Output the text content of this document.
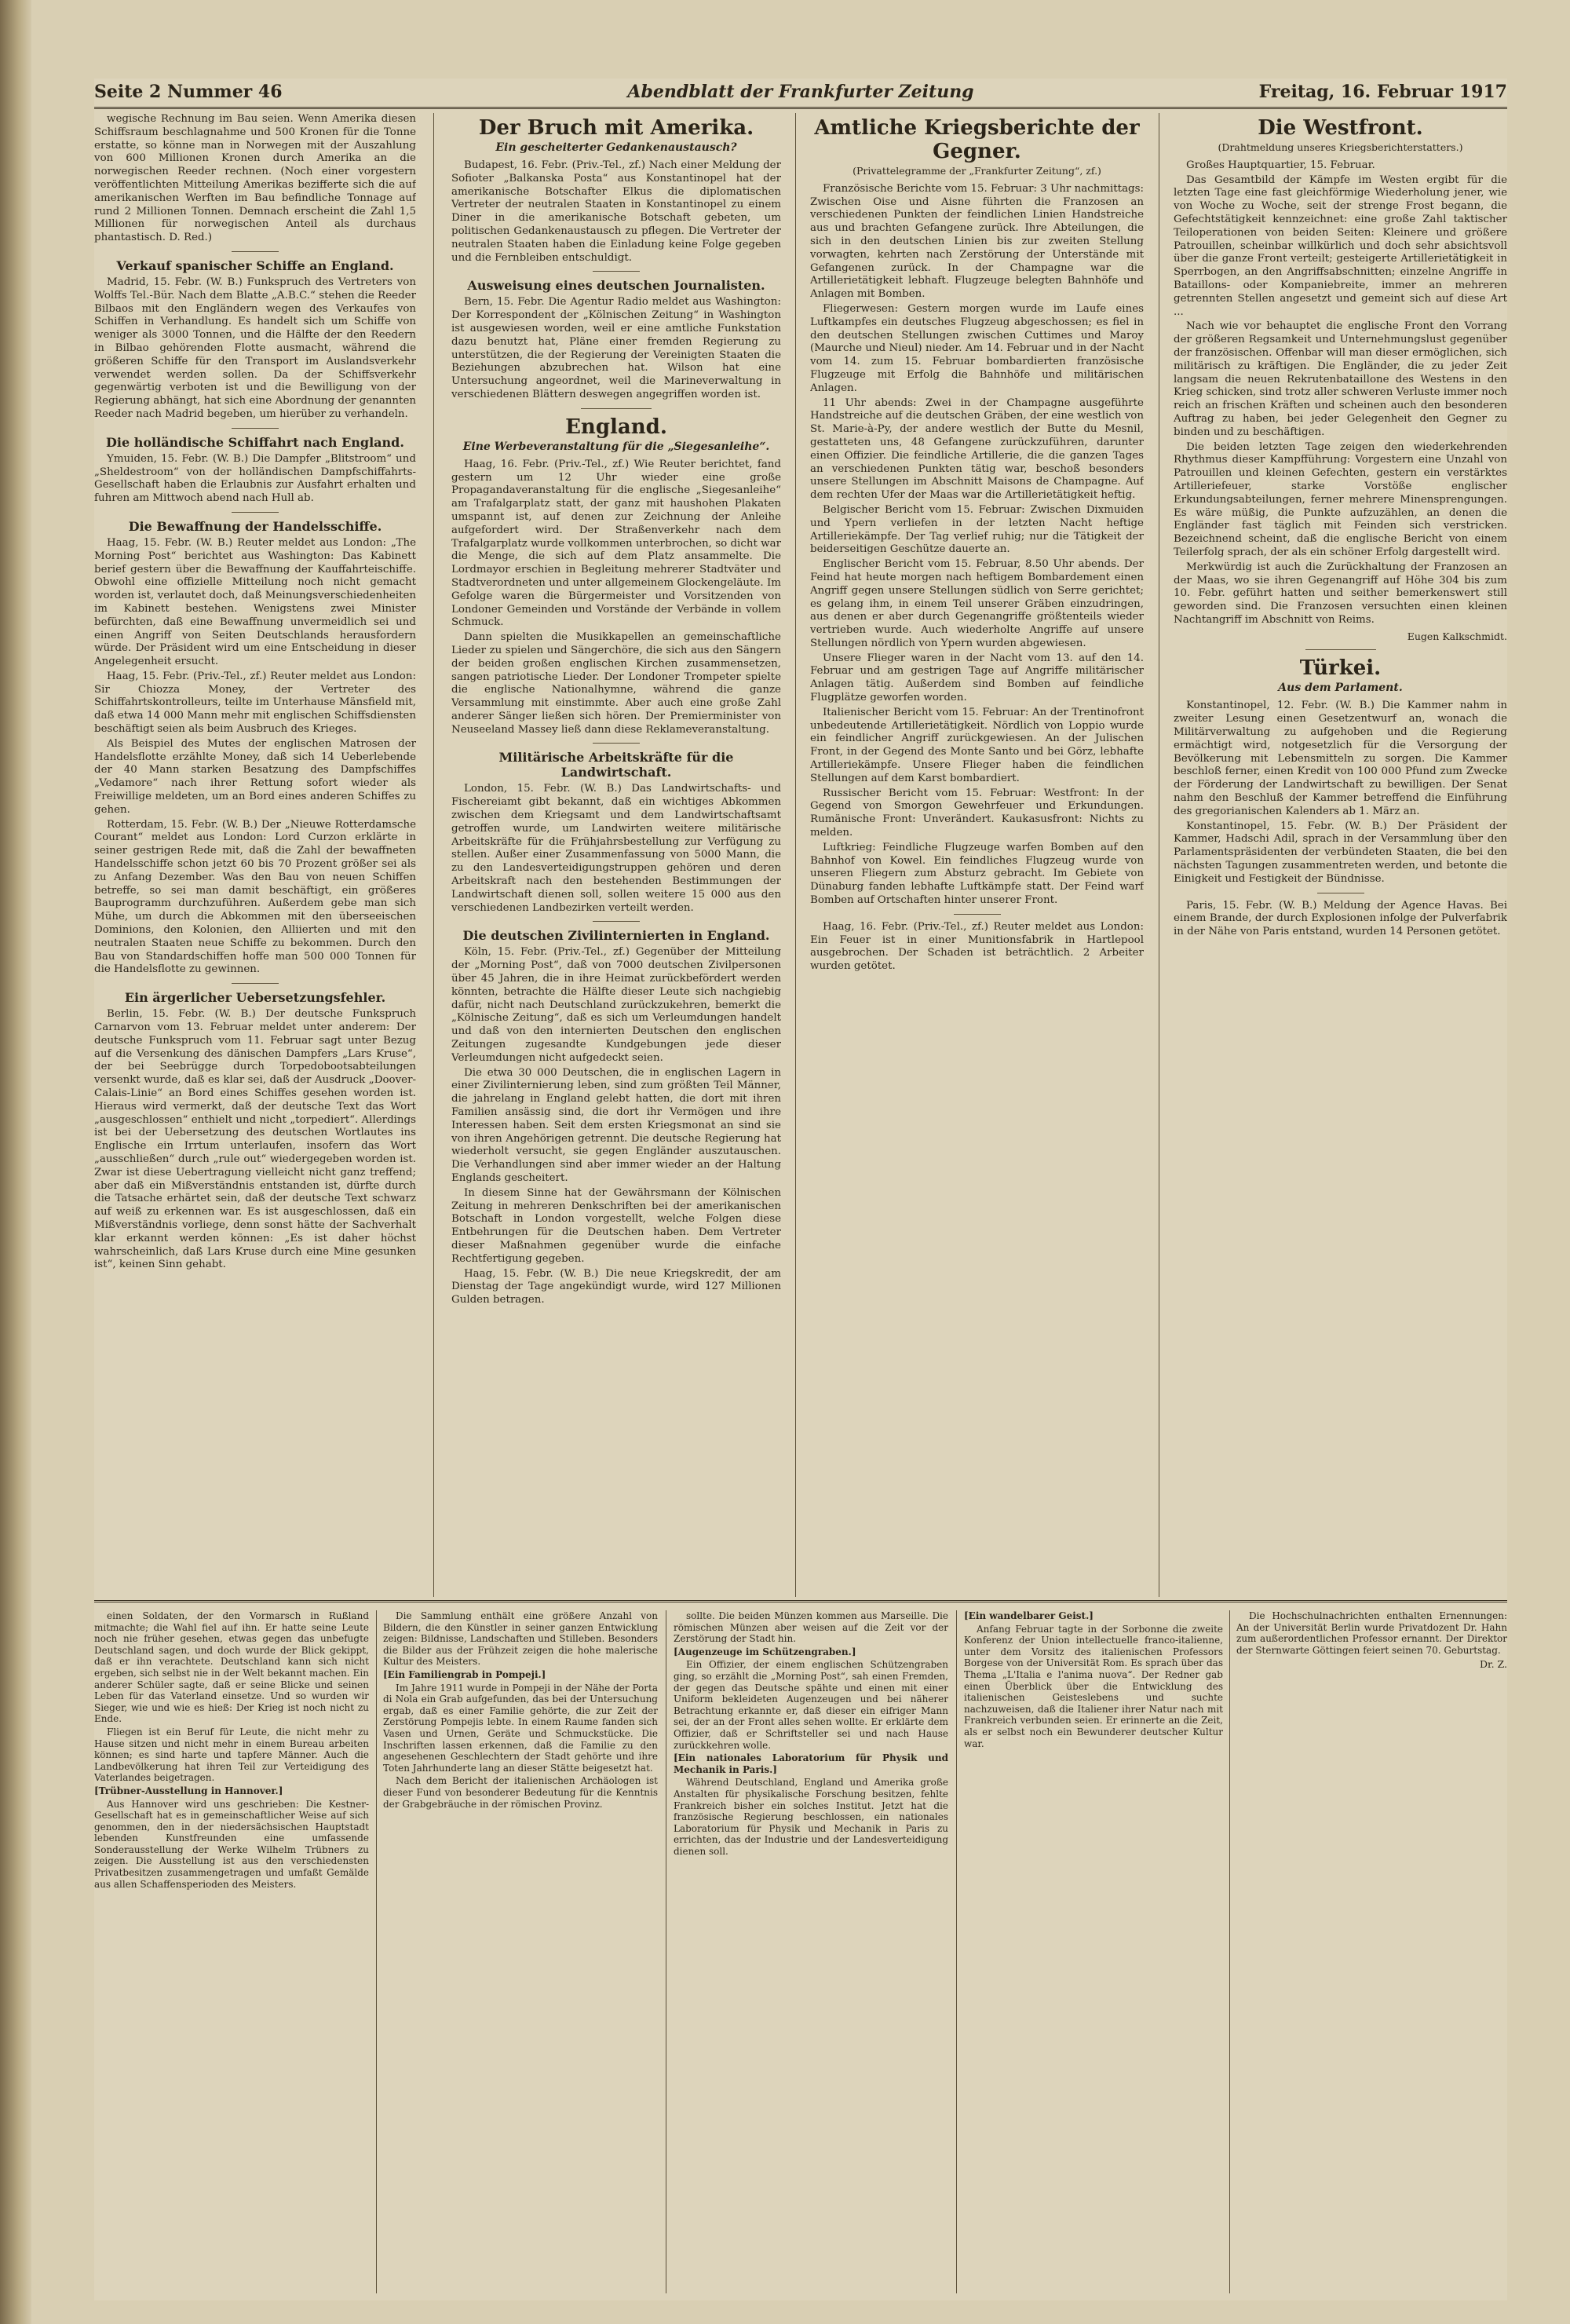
Seite 2 Nummer 46	Abendblatt der Frankfurter Zeitung	Freitag, 16. Februar 1917

wegische Rechnung im Bau seien. Wenn Amerika diesen Schiffsraum beschlagnahme und 500 Kronen für die Tonne erstatte, so könne man in Norwegen mit der Auszahlung von 600 Millionen Kronen durch Amerika an die norwegischen Reeder rechnen. (Noch einer vorgestern veröffentlichten Mitteilung Amerikas bezifferte sich die auf amerikanischen Werften im Bau befindliche Tonnage auf rund 2 Millionen Tonnen. Demnach erscheint die Zahl 1,5 Millionen für norwegischen Anteil als durchaus phantastisch. D. Red.)

Verkauf spanischer Schiffe an England.

Madrid, 15. Febr. (W. B.) Funkspruch des Vertreters von Wolffs Tel.-Bür. Nach dem Blatte „A.B.C.“ stehen die Reeder Bilbaos mit den Engländern wegen des Verkaufes von Schiffen in Verhandlung. Es handelt sich um Schiffe von weniger als 3000 Tonnen, und die Hälfte der den Reedern in Bilbao gehörenden Flotte ausmacht, während die größeren Schiffe für den Transport im Auslandsverkehr verwendet werden sollen. Da der Schiffsverkehr gegenwärtig verboten ist und die Bewilligung von der Regierung abhängt, hat sich eine Abordnung der genannten Reeder nach Madrid begeben, um hierüber zu verhandeln.

Die holländische Schiffahrt nach England.

Ymuiden, 15. Febr. (W. B.) Die Dampfer „Blitstroom“ und „Sheldestroom“ von der holländischen Dampfschiffahrts-Gesellschaft haben die Erlaubnis zur Ausfahrt erhalten und fuhren am Mittwoch abend nach Hull ab.

Die Bewaffnung der Handelsschiffe.

Haag, 15. Febr. (W. B.) Reuter meldet aus London: „The Morning Post“ berichtet aus Washington: Das Kabinett berief gestern über die Bewaffnung der Kauffahrteischiffe. Obwohl eine offizielle Mitteilung noch nicht gemacht worden ist, verlautet doch, daß Meinungsverschiedenheiten im Kabinett bestehen. Wenigstens zwei Minister befürchten, daß eine Bewaffnung unvermeidlich sei und einen Angriff von Seiten Deutschlands herausfordern würde. Der Präsident wird um eine Entscheidung in dieser Angelegenheit ersucht.

Haag, 15. Febr. (Priv.-Tel., zf.) Reuter meldet aus London: Sir Chiozza Money, der Vertreter des Schiffahrtskontrolleurs, teilte im Unterhause Mänsfield mit, daß etwa 14 000 Mann mehr mit englischen Schiffsdiensten beschäftigt seien als beim Ausbruch des Krieges.

Als Beispiel des Mutes der englischen Matrosen der Handelsflotte erzählte Money, daß sich 14 Ueberlebende der 40 Mann starken Besatzung des Dampfschiffes „Vedamore“ nach ihrer Rettung sofort wieder als Freiwillige meldeten, um an Bord eines anderen Schiffes zu gehen.

Rotterdam, 15. Febr. (W. B.) Der „Nieuwe Rotterdamsche Courant“ meldet aus London: Lord Curzon erklärte in seiner gestrigen Rede mit, daß die Zahl der bewaffneten Handelsschiffe schon jetzt 60 bis 70 Prozent größer sei als zu Anfang Dezember. Was den Bau von neuen Schiffen betreffe, so sei man damit beschäftigt, ein größeres Bauprogramm durchzuführen. Außerdem gebe man sich Mühe, um durch die Abkommen mit den überseeischen Dominions, den Kolonien, den Alliierten und mit den neutralen Staaten neue Schiffe zu bekommen. Durch den Bau von Standardschiffen hoffe man 500 000 Tonnen für die Handelsflotte zu gewinnen.

Ein ärgerlicher Uebersetzungsfehler.

Berlin, 15. Febr. (W. B.) Der deutsche Funkspruch Carnarvon vom 13. Februar meldet unter anderem: Der deutsche Funkspruch vom 11. Februar sagt unter Bezug auf die Versenkung des dänischen Dampfers „Lars Kruse“, der bei Seebrügge durch Torpedobootsabteilungen versenkt wurde, daß es klar sei, daß der Ausdruck „Doover-Calais-Linie“ an Bord eines Schiffes gesehen worden ist. Hieraus wird vermerkt, daß der deutsche Text das Wort „ausgeschlossen“ enthielt und nicht „torpediert“. Allerdings ist bei der Uebersetzung des deutschen Wortlautes ins Englische ein Irrtum unterlaufen, insofern das Wort „ausschließen“ durch „rule out“ wiedergegeben worden ist. Zwar ist diese Uebertragung vielleicht nicht ganz treffend; aber daß ein Mißverständnis entstanden ist, dürfte durch die Tatsache erhärtet sein, daß der deutsche Text schwarz auf weiß zu erkennen war. Es ist ausgeschlossen, daß ein Mißverständnis vorliege, denn sonst hätte der Sachverhalt klar erkannt werden können: „Es ist daher höchst wahrscheinlich, daß Lars Kruse durch eine Mine gesunken ist“, keinen Sinn gehabt.

Der Bruch mit Amerika.
Ein gescheiterter Gedankenaustausch?

Budapest, 16. Febr. (Priv.-Tel., zf.) Nach einer Meldung der Sofioter „Balkanska Posta“ aus Konstantinopel hat der amerikanische Botschafter Elkus die diplomatischen Vertreter der neutralen Staaten in Konstantinopel zu einem Diner in die amerikanische Botschaft gebeten, um politischen Gedankenaustausch zu pflegen. Die Vertreter der neutralen Staaten haben die Einladung keine Folge gegeben und die Fernbleiben entschuldigt.

Ausweisung eines deutschen Journalisten.

Bern, 15. Febr. Die Agentur Radio meldet aus Washington: Der Korrespondent der „Kölnischen Zeitung“ in Washington ist ausgewiesen worden, weil er eine amtliche Funkstation dazu benutzt hat, Pläne einer fremden Regierung zu unterstützen, die der Regierung der Vereinigten Staaten die Beziehungen abzubrechen hat. Wilson hat eine Untersuchung angeordnet, weil die Marineverwaltung in verschiedenen Blättern deswegen angegriffen worden ist.

England.
Eine Werbeveranstaltung für die „Siegesanleihe“.

Haag, 16. Febr. (Priv.-Tel., zf.) Wie Reuter berichtet, fand gestern um 12 Uhr wieder eine große Propagandaveranstaltung für die englische „Siegesanleihe“ am Trafalgarplatz statt, der ganz mit haushohen Plakaten umspannt ist, auf denen zur Zeichnung der Anleihe aufgefordert wird. Der Straßenverkehr nach dem Trafalgarplatz wurde vollkommen unterbrochen, so dicht war die Menge, die sich auf dem Platz ansammelte. Die Lordmayor erschien in Begleitung mehrerer Stadtväter und Stadtverordneten und unter allgemeinem Glockengeläute. Im Gefolge waren die Bürgermeister und Vorsitzenden von Londoner Gemeinden und Vorstände der Verbände in vollem Schmuck.

Dann spielten die Musikkapellen an gemeinschaftliche Lieder zu spielen und Sängerchöre, die sich aus den Sängern der beiden großen englischen Kirchen zusammensetzen, sangen patriotische Lieder. Der Londoner Trompeter spielte die englische Nationalhymne, während die ganze Versammlung mit einstimmte. Aber auch eine große Zahl anderer Sänger ließen sich hören. Der Premierminister von Neuseeland Massey ließ dann diese Reklameveranstaltung.

Militärische Arbeitskräfte für die Landwirtschaft.

London, 15. Febr. (W. B.) Das Landwirtschafts- und Fischereiamt gibt bekannt, daß ein wichtiges Abkommen zwischen dem Kriegsamt und dem Landwirtschaftsamt getroffen wurde, um Landwirten weitere militärische Arbeitskräfte für die Frühjahrsbestellung zur Verfügung zu stellen. Außer einer Zusammenfassung von 5000 Mann, die zu den Landesverteidigungstruppen gehören und deren Arbeitskraft nach den bestehenden Bestimmungen der Landwirtschaft dienen soll, sollen weitere 15 000 aus den verschiedenen Landbezirken verteilt werden.

Die deutschen Zivilinternierten in England.

Köln, 15. Febr. (Priv.-Tel., zf.) Gegenüber der Mitteilung der „Morning Post“, daß von 7000 deutschen Zivilpersonen über 45 Jahren, die in ihre Heimat zurückbefördert werden könnten, betrachte die Hälfte dieser Leute sich nachgiebig dafür, nicht nach Deutschland zurückzukehren, bemerkt die „Kölnische Zeitung“, daß es sich um Verleumdungen handelt und daß von den internierten Deutschen den englischen Zeitungen zugesandte Kundgebungen jede dieser Verleumdungen nicht aufgedeckt seien.

Die etwa 30 000 Deutschen, die in englischen Lagern in einer Zivilinternierung leben, sind zum größten Teil Männer, die jahrelang in England gelebt hatten, die dort mit ihren Familien ansässig sind, die dort ihr Vermögen und ihre Interessen haben. Seit dem ersten Kriegsmonat an sind sie von ihren Angehörigen getrennt. Die deutsche Regierung hat wiederholt versucht, sie gegen Engländer auszutauschen. Die Verhandlungen sind aber immer wieder an der Haltung Englands gescheitert.

In diesem Sinne hat der Gewährsmann der Kölnischen Zeitung in mehreren Denkschriften bei der amerikanischen Botschaft in London vorgestellt, welche Folgen diese Entbehrungen für die Deutschen haben. Dem Vertreter dieser Maßnahmen gegenüber wurde die einfache Rechtfertigung gegeben.

Haag, 15. Febr. (W. B.) Die neue Kriegskredit, der am Dienstag der Tage angekündigt wurde, wird 127 Millionen Gulden betragen.

Amtliche Kriegsberichte der Gegner.
(Privattelegramme der „Frankfurter Zeitung“, zf.)

Französische Berichte vom 15. Februar: 3 Uhr nachmittags: Zwischen Oise und Aisne führten die Franzosen an verschiedenen Punkten der feindlichen Linien Handstreiche aus und brachten Gefangene zurück. Ihre Abteilungen, die sich in den deutschen Linien bis zur zweiten Stellung vorwagten, kehrten nach Zerstörung der Unterstände mit Gefangenen zurück. In der Champagne war die Artillerietätigkeit lebhaft. Flugzeuge belegten Bahnhöfe und Anlagen mit Bomben.

Fliegerwesen: Gestern morgen wurde im Laufe eines Luftkampfes ein deutsches Flugzeug abgeschossen; es fiel in den deutschen Stellungen zwischen Cuttimes und Maroy (Maurche und Nieul) nieder. Am 14. Februar und in der Nacht vom 14. zum 15. Februar bombardierten französische Flugzeuge mit Erfolg die Bahnhöfe und militärischen Anlagen.

11 Uhr abends: Zwei in der Champagne ausgeführte Handstreiche auf die deutschen Gräben, der eine westlich von St. Marie-à-Py, der andere westlich der Butte du Mesnil, gestatteten uns, 48 Gefangene zurückzuführen, darunter einen Offizier. Die feindliche Artillerie, die die ganzen Tages an verschiedenen Punkten tätig war, beschoß besonders unsere Stellungen im Abschnitt Maisons de Champagne. Auf dem rechten Ufer der Maas war die Artillerietätigkeit heftig.

Belgischer Bericht vom 15. Februar: Zwischen Dixmuiden und Ypern verliefen in der letzten Nacht heftige Artilleriekämpfe. Der Tag verlief ruhig; nur die Tätigkeit der beiderseitigen Geschütze dauerte an.

Englischer Bericht vom 15. Februar, 8.50 Uhr abends. Der Feind hat heute morgen nach heftigem Bombardement einen Angriff gegen unsere Stellungen südlich von Serre gerichtet; es gelang ihm, in einem Teil unserer Gräben einzudringen, aus denen er aber durch Gegenangriffe größtenteils wieder vertrieben wurde. Auch wiederholte Angriffe auf unsere Stellungen nördlich von Ypern wurden abgewiesen.

Unsere Flieger waren in der Nacht vom 13. auf den 14. Februar und am gestrigen Tage auf Angriffe militärischer Anlagen tätig. Außerdem sind Bomben auf feindliche Flugplätze geworfen worden.

Italienischer Bericht vom 15. Februar: An der Trentinofront unbedeutende Artillerietätigkeit. Nördlich von Loppio wurde ein feindlicher Angriff zurückgewiesen. An der Julischen Front, in der Gegend des Monte Santo und bei Görz, lebhafte Artilleriekämpfe. Unsere Flieger haben die feindlichen Stellungen auf dem Karst bombardiert.

Russischer Bericht vom 15. Februar: Westfront: In der Gegend von Smorgon Gewehrfeuer und Erkundungen. Rumänische Front: Unverändert. Kaukasusfront: Nichts zu melden.

Luftkrieg: Feindliche Flugzeuge warfen Bomben auf den Bahnhof von Kowel. Ein feindliches Flugzeug wurde von unseren Fliegern zum Absturz gebracht. Im Gebiete von Dünaburg fanden lebhafte Luftkämpfe statt. Der Feind warf Bomben auf Ortschaften hinter unserer Front.

Haag, 16. Febr. (Priv.-Tel., zf.) Reuter meldet aus London: Ein Feuer ist in einer Munitionsfabrik in Hartlepool ausgebrochen. Der Schaden ist beträchtlich. 2 Arbeiter wurden getötet.

Die Westfront.
(Drahtmeldung unseres Kriegsberichterstatters.)

Großes Hauptquartier, 15. Februar.

Das Gesamtbild der Kämpfe im Westen ergibt für die letzten Tage eine fast gleichförmige Wiederholung jener, wie von Woche zu Woche, seit der strenge Frost begann, die Gefechtstätigkeit kennzeichnet: eine große Zahl taktischer Teiloperationen von beiden Seiten: Kleinere und größere Patrouillen, scheinbar willkürlich und doch sehr absichtsvoll über die ganze Front verteilt; gesteigerte Artillerietätigkeit in Sperrbogen, an den Angriffsabschnitten; einzelne Angriffe in Bataillons- oder Kompaniebreite, immer an mehreren getrennten Stellen angesetzt und gemeint sich auf diese Art ...

Nach wie vor behauptet die englische Front den Vorrang der größeren Regsamkeit und Unternehmungslust gegenüber der französischen. Offenbar will man dieser ermöglichen, sich militärisch zu kräftigen. Die Engländer, die zu jeder Zeit langsam die neuen Rekrutenbataillone des Westens in den Krieg schicken, sind trotz aller schweren Verluste immer noch reich an frischen Kräften und scheinen auch den besonderen Auftrag zu haben, bei jeder Gelegenheit den Gegner zu binden und zu beschäftigen.

Die beiden letzten Tage zeigen den wiederkehrenden Rhythmus dieser Kampfführung: Vorgestern eine Unzahl von Patrouillen und kleinen Gefechten, gestern ein verstärktes Artilleriefeuer, starke Vorstöße englischer Erkundungsabteilungen, ferner mehrere Minensprengungen. Es wäre müßig, die Punkte aufzuzählen, an denen die Engländer fast täglich mit Feinden sich verstricken. Bezeichnend scheint, daß die englische Bericht von einem Teilerfolg sprach, der als ein schöner Erfolg dargestellt wird.

Merkwürdig ist auch die Zurückhaltung der Franzosen an der Maas, wo sie ihren Gegenangriff auf Höhe 304 bis zum 10. Febr. geführt hatten und seither bemerkenswert still geworden sind. Die Franzosen versuchten einen kleinen Nachtangriff im Abschnitt von Reims.

Eugen Kalkschmidt.
Türkei.
Aus dem Parlament.

Konstantinopel, 12. Febr. (W. B.) Die Kammer nahm in zweiter Lesung einen Gesetzentwurf an, wonach die Militärverwaltung zu aufgehoben und die Regierung ermächtigt wird, notgesetzlich für die Versorgung der Bevölkerung mit Lebensmitteln zu sorgen. Die Kammer beschloß ferner, einen Kredit von 100 000 Pfund zum Zwecke der Förderung der Landwirtschaft zu bewilligen. Der Senat nahm den Beschluß der Kammer betreffend die Einführung des gregorianischen Kalenders ab 1. März an.

Konstantinopel, 15. Febr. (W. B.) Der Präsident der Kammer, Hadschi Adil, sprach in der Versammlung über den Parlamentspräsidenten der verbündeten Staaten, die bei den nächsten Tagungen zusammentreten werden, und betonte die Einigkeit und Festigkeit der Bündnisse.

Paris, 15. Febr. (W. B.) Meldung der Agence Havas. Bei einem Brande, der durch Explosionen infolge der Pulverfabrik in der Nähe von Paris entstand, wurden 14 Personen getötet.

einen Soldaten, der den Vormarsch in Rußland mitmachte; die Wahl fiel auf ihn. Er hatte seine Leute noch nie früher gesehen, etwas gegen das unbefugte Deutschland sagen, und doch wurde der Blick gekippt, daß er ihn verachtete. Deutschland kann sich nicht ergeben, sich selbst nie in der Welt bekannt machen. Ein anderer Schüler sagte, daß er seine Blicke und seinen Leben für das Vaterland einsetze. Und so wurden wir Sieger, wie und wie es hieß: Der Krieg ist noch nicht zu Ende.

Fliegen ist ein Beruf für Leute, die nicht mehr zu Hause sitzen und nicht mehr in einem Bureau arbeiten können; es sind harte und tapfere Männer. Auch die Landbevölkerung hat ihren Teil zur Verteidigung des Vaterlandes beigetragen.

[Trübner-Ausstellung in Hannover.]

Aus Hannover wird uns geschrieben: Die Kestner-Gesellschaft hat es in gemeinschaftlicher Weise auf sich genommen, den in der niedersächsischen Hauptstadt lebenden Kunstfreunden eine umfassende Sonderausstellung der Werke Wilhelm Trübners zu zeigen. Die Ausstellung ist aus den verschiedensten Privatbesitzen zusammengetragen und umfaßt Gemälde aus allen Schaffensperioden des Meisters.

Die Sammlung enthält eine größere Anzahl von Bildern, die den Künstler in seiner ganzen Entwicklung zeigen: Bildnisse, Landschaften und Stilleben. Besonders die Bilder aus der Frühzeit zeigen die hohe malerische Kultur des Meisters.

[Ein Familiengrab in Pompeji.]

Im Jahre 1911 wurde in Pompeji in der Nähe der Porta di Nola ein Grab aufgefunden, das bei der Untersuchung ergab, daß es einer Familie gehörte, die zur Zeit der Zerstörung Pompejis lebte. In einem Raume fanden sich Vasen und Urnen, Geräte und Schmuckstücke. Die Inschriften lassen erkennen, daß die Familie zu den angesehenen Geschlechtern der Stadt gehörte und ihre Toten Jahrhunderte lang an dieser Stätte beigesetzt hat.

Nach dem Bericht der italienischen Archäologen ist dieser Fund von besonderer Bedeutung für die Kenntnis der Grabgebräuche in der römischen Provinz.

sollte. Die beiden Münzen kommen aus Marseille. Die römischen Münzen aber weisen auf die Zeit vor der Zerstörung der Stadt hin.

[Augenzeuge im Schützengraben.]

Ein Offizier, der einem englischen Schützengraben ging, so erzählt die „Morning Post“, sah einen Fremden, der gegen das Deutsche spähte und einen mit einer Uniform bekleideten Augenzeugen und bei näherer Betrachtung erkannte er, daß dieser ein eifriger Mann sei, der an der Front alles sehen wollte. Er erklärte dem Offizier, daß er Schriftsteller sei und nach Hause zurückkehren wolle.

[Ein nationales Laboratorium für Physik und Mechanik in Paris.]

Während Deutschland, England und Amerika große Anstalten für physikalische Forschung besitzen, fehlte Frankreich bisher ein solches Institut. Jetzt hat die französische Regierung beschlossen, ein nationales Laboratorium für Physik und Mechanik in Paris zu errichten, das der Industrie und der Landesverteidigung dienen soll.

[Ein wandelbarer Geist.]

Anfang Februar tagte in der Sorbonne die zweite Konferenz der Union intellectuelle franco-italienne, unter dem Vorsitz des italienischen Professors Borgese von der Universität Rom. Es sprach über das Thema „L'Italia e l'anima nuova“. Der Redner gab einen Überblick über die Entwicklung des italienischen Geisteslebens und suchte nachzuweisen, daß die Italiener ihrer Natur nach mit Frankreich verbunden seien. Er erinnerte an die Zeit, als er selbst noch ein Bewunderer deutscher Kultur war.

Die Hochschulnachrichten enthalten Ernennungen: An der Universität Berlin wurde Privatdozent Dr. Hahn zum außerordentlichen Professor ernannt. Der Direktor der Sternwarte Göttingen feiert seinen 70. Geburtstag.

Dr. Z.
